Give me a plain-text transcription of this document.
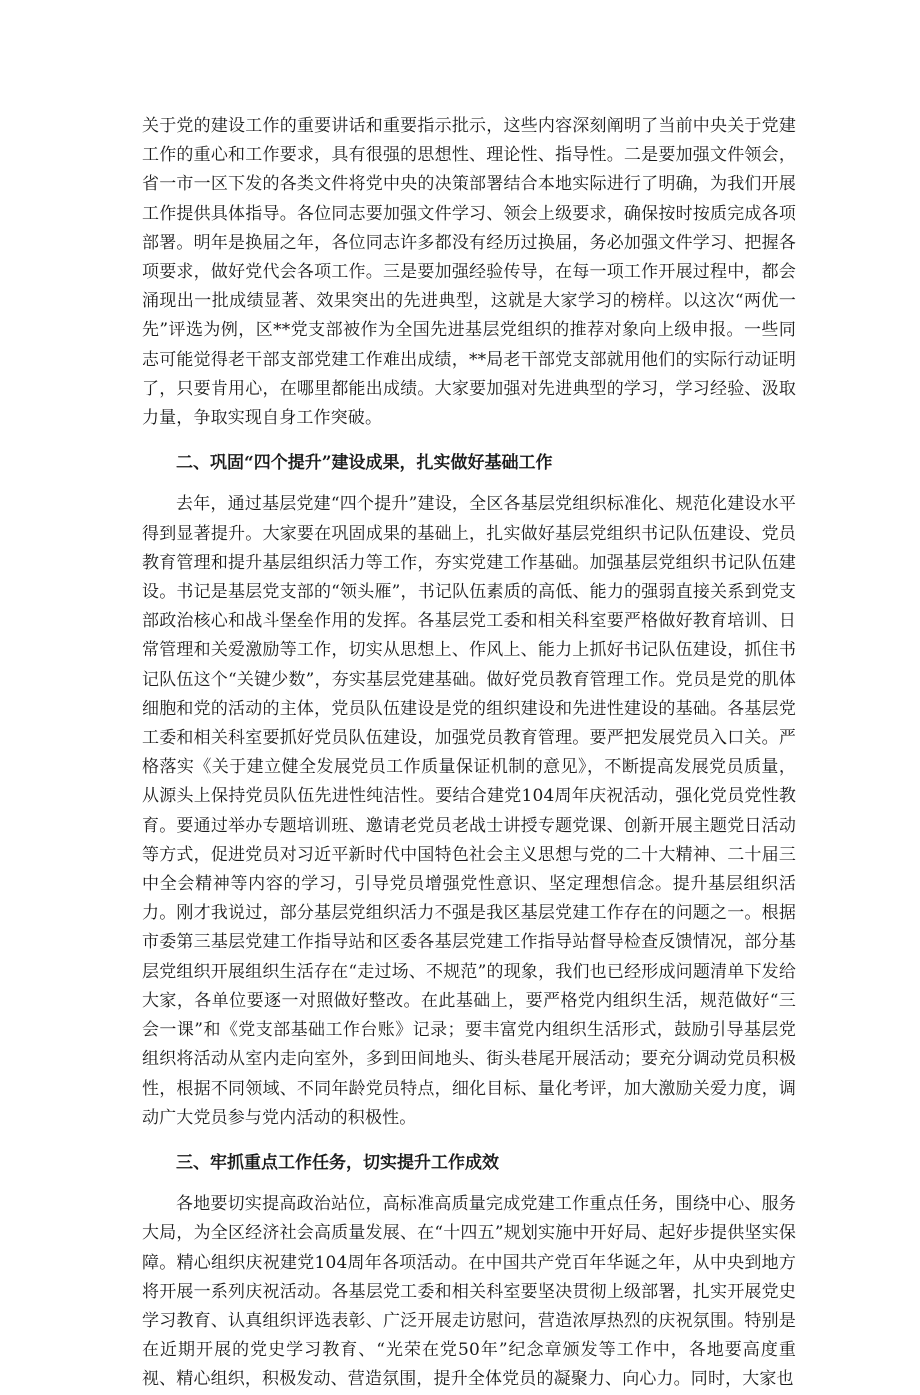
关于党的建设工作的重要讲话和重要指示批示，这些内容深刻阐明了当前中央关于党建工作的重心和工作要求，具有很强的思想性、理论性、指导性。二是要加强文件领会，省一市一区下发的各类文件将党中央的决策部署结合本地实际进行了明确，为我们开展工作提供具体指导。各位同志要加强文件学习、领会上级要求，确保按时按质完成各项部署。明年是换届之年，各位同志许多都没有经历过换届，务必加强文件学习、把握各项要求，做好党代会各项工作。三是要加强经验传导，在每一项工作开展过程中，都会涌现出一批成绩显著、效果突出的先进典型，这就是大家学习的榜样。以这次“两优一先”评选为例，区**党支部被作为全国先进基层党组织的推荐对象向上级申报。一些同志可能觉得老干部支部党建工作难出成绩，**局老干部党支部就用他们的实际行动证明了，只要肯用心，在哪里都能出成绩。大家要加强对先进典型的学习，学习经验、汲取力量，争取实现自身工作突破。

二、巩固“四个提升”建设成果，扎实做好基础工作

去年，通过基层党建“四个提升”建设，全区各基层党组织标准化、规范化建设水平得到显著提升。大家要在巩固成果的基础上，扎实做好基层党组织书记队伍建设、党员教育管理和提升基层组织活力等工作，夯实党建工作基础。加强基层党组织书记队伍建设。书记是基层党支部的“领头雁”，书记队伍素质的高低、能力的强弱直接关系到党支部政治核心和战斗堡垒作用的发挥。各基层党工委和相关科室要严格做好教育培训、日常管理和关爱激励等工作，切实从思想上、作风上、能力上抓好书记队伍建设，抓住书记队伍这个“关键少数”，夯实基层党建基础。做好党员教育管理工作。党员是党的肌体细胞和党的活动的主体，党员队伍建设是党的组织建设和先进性建设的基础。各基层党工委和相关科室要抓好党员队伍建设，加强党员教育管理。要严把发展党员入口关。严格落实《关于建立健全发展党员工作质量保证机制的意见》，不断提高发展党员质量，从源头上保持党员队伍先进性纯洁性。要结合建党104周年庆祝活动，强化党员党性教育。要通过举办专题培训班、邀请老党员老战士讲授专题党课、创新开展主题党日活动等方式，促进党员对习近平新时代中国特色社会主义思想与党的二十大精神、二十届三中全会精神等内容的学习，引导党员增强党性意识、坚定理想信念。提升基层组织活力。刚才我说过，部分基层党组织活力不强是我区基层党建工作存在的问题之一。根据市委第三基层党建工作指导站和区委各基层党建工作指导站督导检查反馈情况，部分基层党组织开展组织生活存在“走过场、不规范”的现象，我们也已经形成问题清单下发给大家，各单位要逐一对照做好整改。在此基础上，要严格党内组织生活，规范做好“三会一课”和《党支部基础工作台账》记录；要丰富党内组织生活形式，鼓励引导基层党组织将活动从室内走向室外，多到田间地头、街头巷尾开展活动；要充分调动党员积极性，根据不同领域、不同年龄党员特点，细化目标、量化考评，加大激励关爱力度，调动广大党员参与党内活动的积极性。

三、牢抓重点工作任务，切实提升工作成效

各地要切实提高政治站位，高标准高质量完成党建工作重点任务，围绕中心、服务大局，为全区经济社会高质量发展、在“十四五”规划实施中开好局、起好步提供坚实保障。精心组织庆祝建党104周年各项活动。在中国共产党百年华诞之年，从中央到地方将开展一系列庆祝活动。各基层党工委和相关科室要坚决贯彻上级部署，扎实开展党史学习教育、认真组织评选表彰、广泛开展走访慰问，营造浓厚热烈的庆祝氛围。特别是在近期开展的党史学习教育、“光荣在党50年”纪念章颁发等工作中，各地要高度重视、精心组织，积极发动、营造氛围，提升全体党员的凝聚力、向心力。同时，大家也
